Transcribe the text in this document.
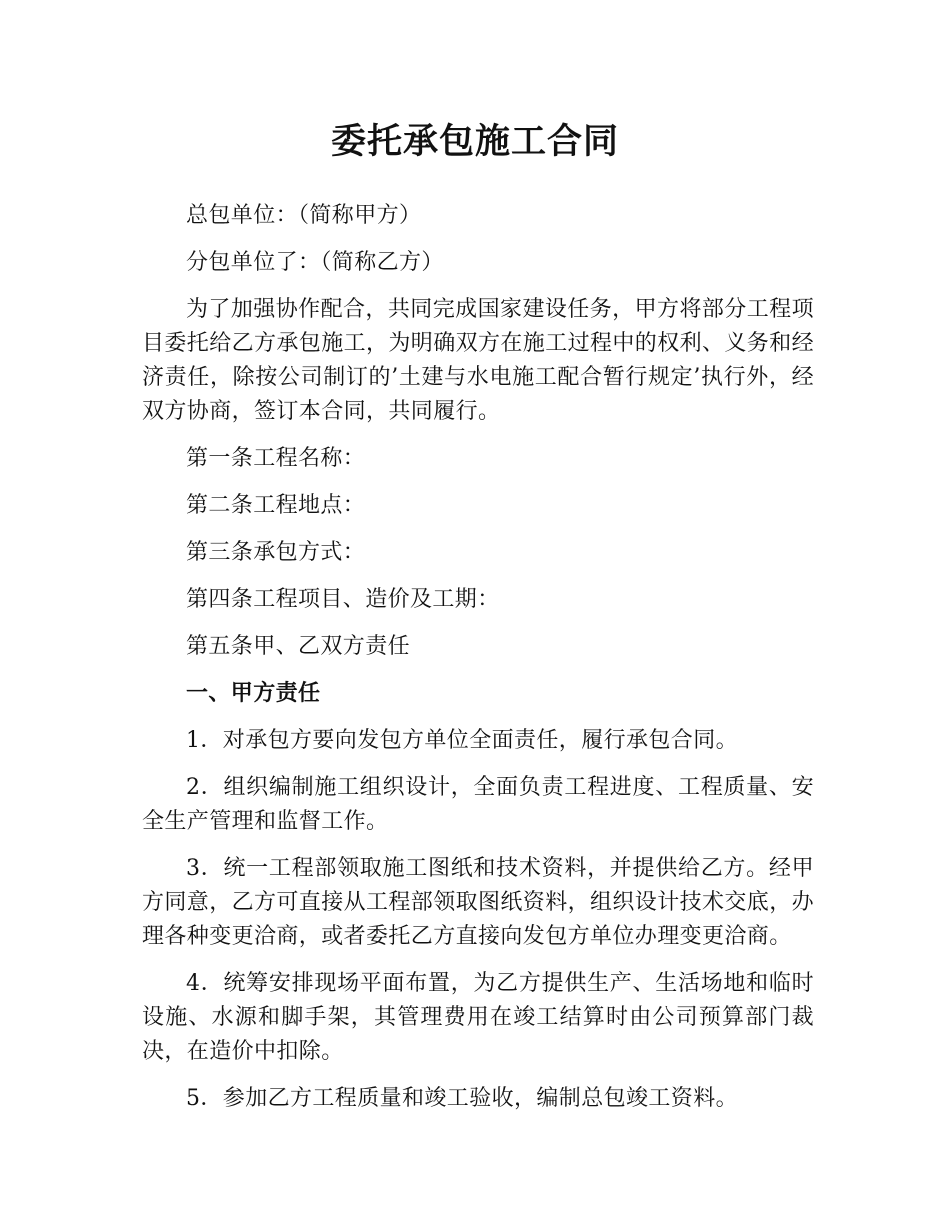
委托承包施工合同

总包单位：（简称甲方）

分包单位了：（简称乙方）

为了加强协作配合，共同完成国家建设任务，甲方将部分工程项目委托给乙方承包施工，为明确双方在施工过程中的权利、义务和经济责任，除按公司制订的’土建与水电施工配合暂行规定’执行外，经双方协商，签订本合同，共同履行。

第一条工程名称：

第二条工程地点：

第三条承包方式：

第四条工程项目、造价及工期：

第五条甲、乙双方责任

一、甲方责任

1．对承包方要向发包方单位全面责任，履行承包合同。

2．组织编制施工组织设计，全面负责工程进度、工程质量、安全生产管理和监督工作。

3．统一工程部领取施工图纸和技术资料，并提供给乙方。经甲方同意，乙方可直接从工程部领取图纸资料，组织设计技术交底，办理各种变更洽商，或者委托乙方直接向发包方单位办理变更洽商。

4．统筹安排现场平面布置，为乙方提供生产、生活场地和临时设施、水源和脚手架，其管理费用在竣工结算时由公司预算部门裁决，在造价中扣除。

5．参加乙方工程质量和竣工验收，编制总包竣工资料。
